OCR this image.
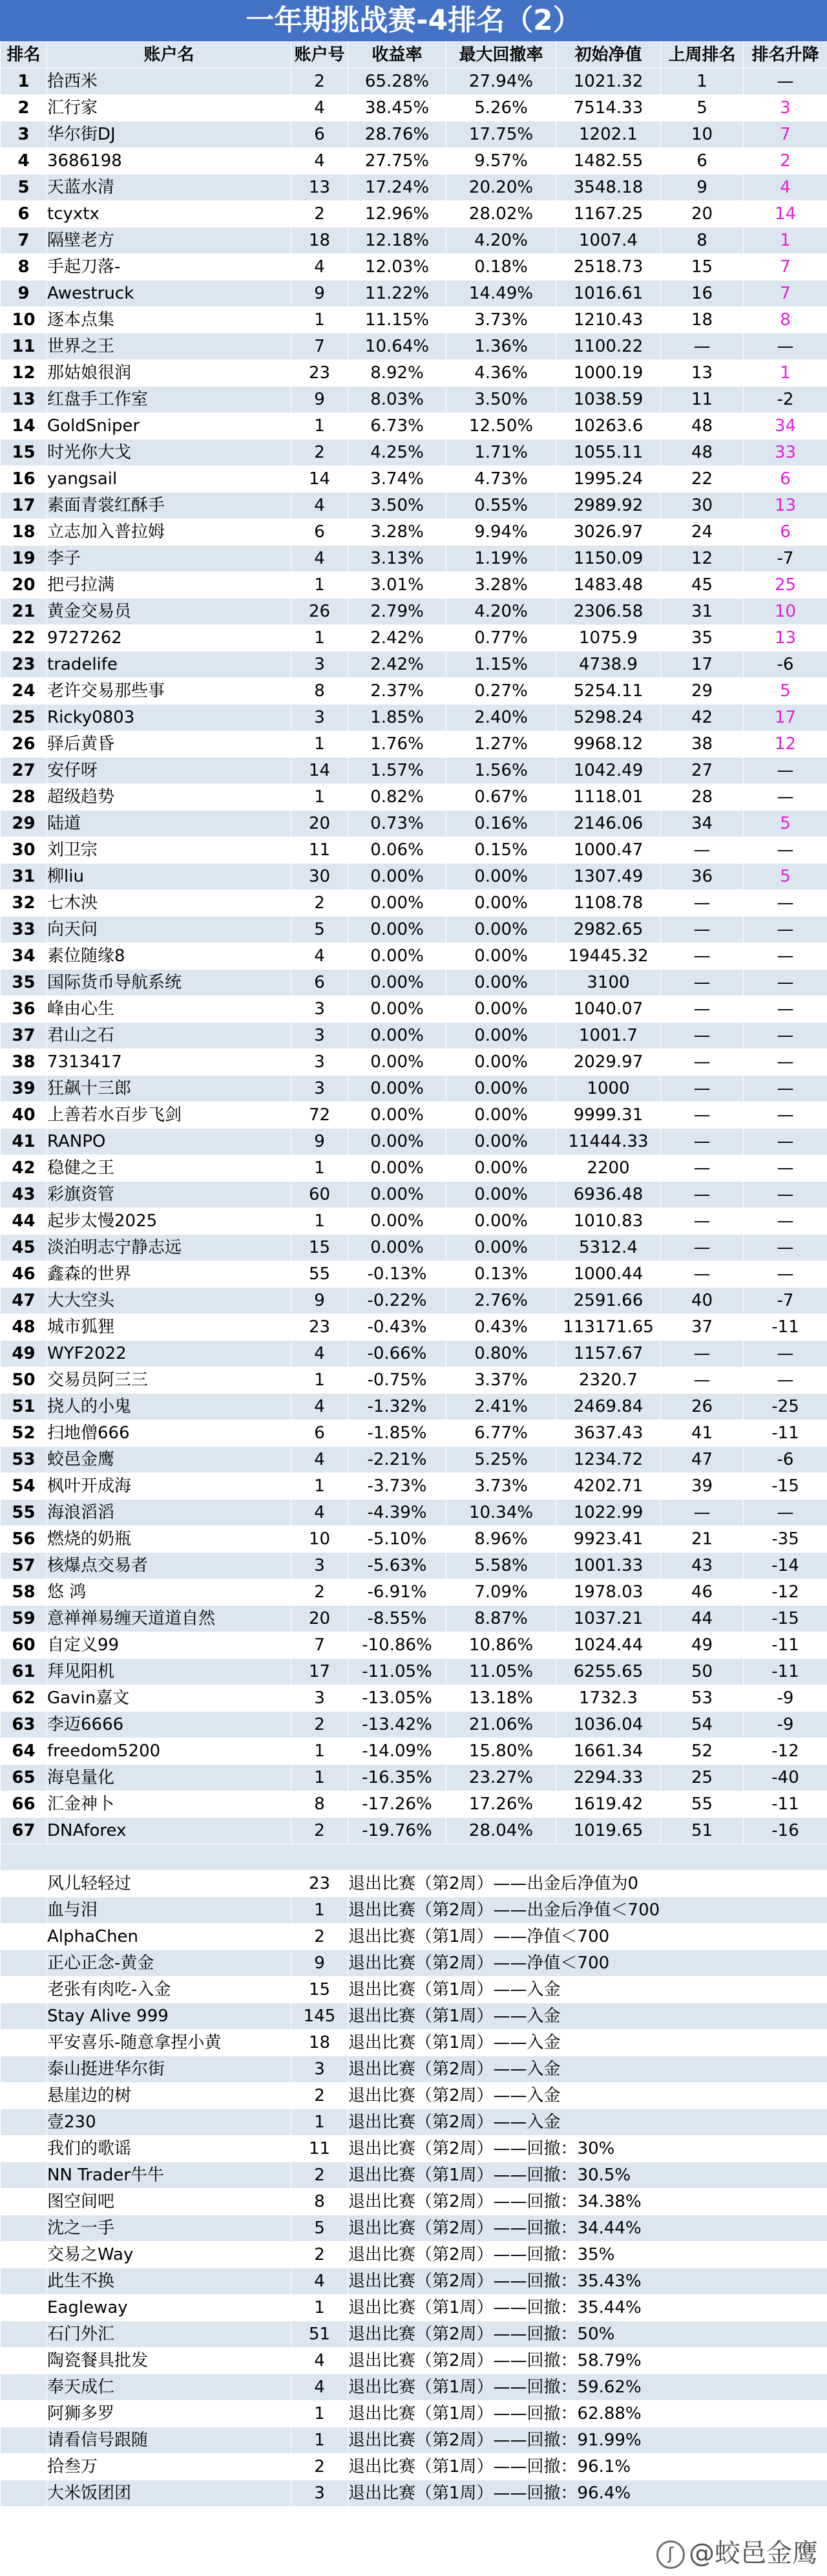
一年期挑战赛-4排名（2）
排名	账户名	账户号	收益率	最大回撤率	初始净值	上周排名	排名升降
1	拾西米	2	65.28%	27.94%	1021.32	1	—
2	汇行家	4	38.45%	5.26%	7514.33	5	3
3	华尔街DJ	6	28.76%	17.75%	1202.1	10	7
4	3686198	4	27.75%	9.57%	1482.55	6	2
5	天蓝水清	13	17.24%	20.20%	3548.18	9	4
6	tcyxtx	2	12.96%	28.02%	1167.25	20	14
7	隔壁老方	18	12.18%	4.20%	1007.4	8	1
8	手起刀落-	4	12.03%	0.18%	2518.73	15	7
9	Awestruck	9	11.22%	14.49%	1016.61	16	7
10	逐本点集	1	11.15%	3.73%	1210.43	18	8
11	世界之王	7	10.64%	1.36%	1100.22	—	—
12	那姑娘很润	23	8.92%	4.36%	1000.19	13	1
13	红盘手工作室	9	8.03%	3.50%	1038.59	11	-2
14	GoldSniper	1	6.73%	12.50%	10263.6	48	34
15	时光你大戈	2	4.25%	1.71%	1055.11	48	33
16	yangsail	14	3.74%	4.73%	1995.24	22	6
17	素面青裳红酥手	4	3.50%	0.55%	2989.92	30	13
18	立志加入普拉姆	6	3.28%	9.94%	3026.97	24	6
19	李子	4	3.13%	1.19%	1150.09	12	-7
20	把弓拉满	1	3.01%	3.28%	1483.48	45	25
21	黄金交易员	26	2.79%	4.20%	2306.58	31	10
22	9727262	1	2.42%	0.77%	1075.9	35	13
23	tradelife	3	2.42%	1.15%	4738.9	17	-6
24	老许交易那些事	8	2.37%	0.27%	5254.11	29	5
25	Ricky0803	3	1.85%	2.40%	5298.24	42	17
26	驿后黄昏	1	1.76%	1.27%	9968.12	38	12
27	安仔呀	14	1.57%	1.56%	1042.49	27	—
28	超级趋势	1	0.82%	0.67%	1118.01	28	—
29	陆道	20	0.73%	0.16%	2146.06	34	5
30	刘卫宗	11	0.06%	0.15%	1000.47	—	—
31	柳liu	30	0.00%	0.00%	1307.49	36	5
32	七木泱	2	0.00%	0.00%	1108.78	—	—
33	向天问	5	0.00%	0.00%	2982.65	—	—
34	素位随缘8	4	0.00%	0.00%	19445.32	—	—
35	国际货币导航系统	6	0.00%	0.00%	3100	—	—
36	峰由心生	3	0.00%	0.00%	1040.07	—	—
37	君山之石	3	0.00%	0.00%	1001.7	—	—
38	7313417	3	0.00%	0.00%	2029.97	—	—
39	狂飙十三郎	3	0.00%	0.00%	1000	—	—
40	上善若水百步飞剑	72	0.00%	0.00%	9999.31	—	—
41	RANPO	9	0.00%	0.00%	11444.33	—	—
42	稳健之王	1	0.00%	0.00%	2200	—	—
43	彩旗资管	60	0.00%	0.00%	6936.48	—	—
44	起步太慢2025	1	0.00%	0.00%	1010.83	—	—
45	淡泊明志宁静志远	15	0.00%	0.00%	5312.4	—	—
46	鑫森的世界	55	-0.13%	0.13%	1000.44	—	—
47	大大空头	9	-0.22%	2.76%	2591.66	40	-7
48	城市狐狸	23	-0.43%	0.43%	113171.65	37	-11
49	WYF2022	4	-0.66%	0.80%	1157.67	—	—
50	交易员阿三三	1	-0.75%	3.37%	2320.7	—	—
51	挠人的小鬼	4	-1.32%	2.41%	2469.84	26	-25
52	扫地僧666	6	-1.85%	6.77%	3637.43	41	-11
53	蛟邑金鹰	4	-2.21%	5.25%	1234.72	47	-6
54	枫叶开成海	1	-3.73%	3.73%	4202.71	39	-15
55	海浪滔滔	4	-4.39%	10.34%	1022.99	—	—
56	燃烧的奶瓶	10	-5.10%	8.96%	9923.41	21	-35
57	核爆点交易者	3	-5.63%	5.58%	1001.33	43	-14
58	悠 鸿	2	-6.91%	7.09%	1978.03	46	-12
59	意禅禅易缠天道道自然	20	-8.55%	8.87%	1037.21	44	-15
60	自定义99	7	-10.86%	10.86%	1024.44	49	-11
61	拜见阳机	17	-11.05%	11.05%	6255.65	50	-11
62	Gavin嘉文	3	-13.05%	13.18%	1732.3	53	-9
63	李迈6666	2	-13.42%	21.06%	1036.04	54	-9
64	freedom5200	1	-14.09%	15.80%	1661.34	52	-12
65	海皂量化	1	-16.35%	23.27%	2294.33	25	-40
66	汇金神卜	8	-17.26%	17.26%	1619.42	55	-11
67	DNAforex	2	-19.76%	28.04%	1019.65	51	-16

	风儿轻轻过	23	退出比赛（第2周）——出金后净值为0				
	血与泪	1	退出比赛（第2周）——出金后净值＜700				
	AlphaChen	2	退出比赛（第1周）——净值＜700				
	正心正念-黄金	9	退出比赛（第2周）——净值＜700				
	老张有肉吃-入金	15	退出比赛（第1周）——入金				
	Stay Alive 999	145	退出比赛（第1周）——入金				
	平安喜乐-随意拿捏小黄	18	退出比赛（第1周）——入金				
	泰山挺进华尔街	3	退出比赛（第2周）——入金				
	悬崖边的树	2	退出比赛（第2周）——入金				
	壹230	1	退出比赛（第2周）——入金				
	我们的歌谣	11	退出比赛（第2周）——回撤：30%				
	NN Trader牛牛	2	退出比赛（第1周）——回撤：30.5%				
	图空间吧	8	退出比赛（第2周）——回撤：34.38%				
	沈之一手	5	退出比赛（第2周）——回撤：34.44%				
	交易之Way	2	退出比赛（第2周）——回撤：35%				
	此生不换	4	退出比赛（第2周）——回撤：35.43%				
	Eagleway	1	退出比赛（第1周）——回撤：35.44%				
	石门外汇	51	退出比赛（第2周）——回撤：50%				
	陶瓷餐具批发	4	退出比赛（第2周）——回撤：58.79%				
	奉天成仁	4	退出比赛（第1周）——回撤：59.62%				
	阿狮多罗	1	退出比赛（第1周）——回撤：62.88%				
	请看信号跟随	1	退出比赛（第2周）——回撤：91.99%				
	拾叁万	2	退出比赛（第1周）——回撤：96.1%				
	大米饭团团	3	退出比赛（第1周）——回撤：96.4%				
ʃ @蛟邑金鹰
